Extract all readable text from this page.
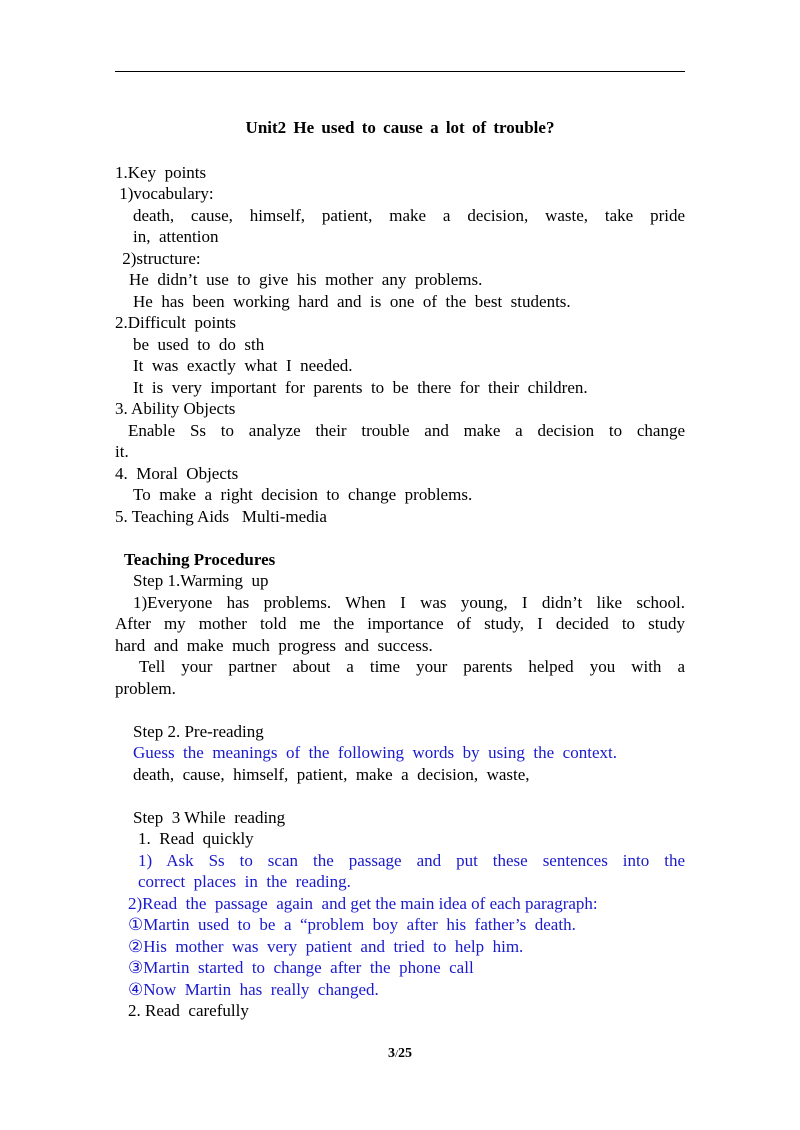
Unit2 He used to cause a lot of trouble?
1.Key  points
1)vocabulary:
death, cause, himself, patient, make a decision, waste, take pride
in,  attention
2)structure:
He  didn’t  use  to  give  his  mother  any  problems.
He  has  been  working  hard  and  is  one  of  the  best  students.
2.Difficult  points
be  used  to  do  sth
It  was  exactly  what  I  needed.
It  is  very  important  for  parents  to  be  there  for  their  children.
3. Ability Objects
Enable Ss to analyze their trouble and make a decision to change
it.
4.  Moral  Objects
To  make  a  right  decision  to  change  problems.
5. Teaching Aids   Multi-media
Teaching Procedures
Step 1.Warming  up
1)Everyone has problems. When I was young, I didn’t like school.
After my mother told me the importance of study, I decided to study
hard  and  make  much  progress  and  success.
Tell your partner about a time your parents helped you with a
problem.
Step 2. Pre-reading
Guess  the  meanings  of  the  following  words  by  using  the  context.
death,  cause,  himself,  patient,  make  a  decision,  waste,
Step  3 While  reading
1.  Read  quickly
1) Ask Ss to scan the passage and put these sentences into the
correct  places  in  the  reading.
2)Read  the  passage  again  and get the main idea of each paragraph:
①Martin  used  to  be  a  “problem  boy  after  his  father’s  death.
②His  mother  was  very  patient  and  tried  to  help  him.
③Martin  started  to  change  after  the  phone  call
④Now  Martin  has  really  changed.
2. Read  carefully
3/25
